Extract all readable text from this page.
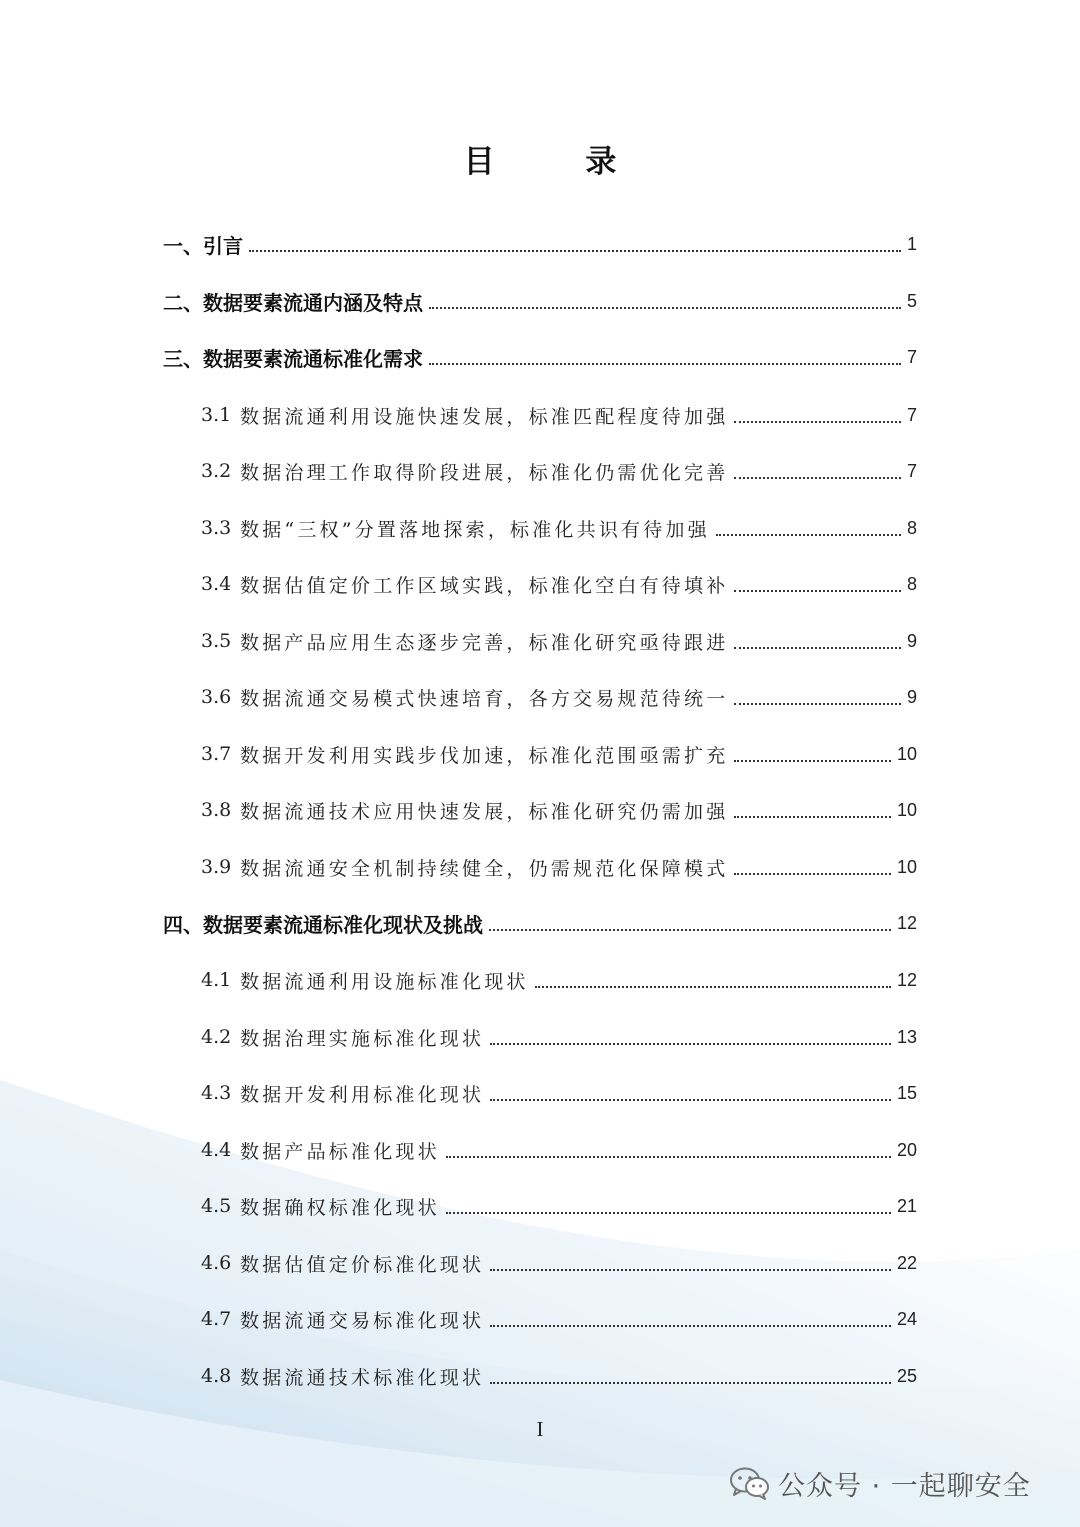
目 录
一、引言	1
二、数据要素流通内涵及特点	5
三、数据要素流通标准化需求	7
3.1 数据流通利用设施快速发展，标准匹配程度待加强	7
3.2 数据治理工作取得阶段进展，标准化仍需优化完善	7
3.3 数据“三权”分置落地探索，标准化共识有待加强	8
3.4 数据估值定价工作区域实践，标准化空白有待填补	8
3.5 数据产品应用生态逐步完善，标准化研究亟待跟进	9
3.6 数据流通交易模式快速培育，各方交易规范待统一	9
3.7 数据开发利用实践步伐加速，标准化范围亟需扩充	10
3.8 数据流通技术应用快速发展，标准化研究仍需加强	10
3.9 数据流通安全机制持续健全，仍需规范化保障模式	10
四、数据要素流通标准化现状及挑战	12
4.1 数据流通利用设施标准化现状	12
4.2 数据治理实施标准化现状	13
4.3 数据开发利用标准化现状	15
4.4 数据产品标准化现状	20
4.5 数据确权标准化现状	21
4.6 数据估值定价标准化现状	22
4.7 数据流通交易标准化现状	24
4.8 数据流通技术标准化现状	25
I
公众号 · 一起聊安全
